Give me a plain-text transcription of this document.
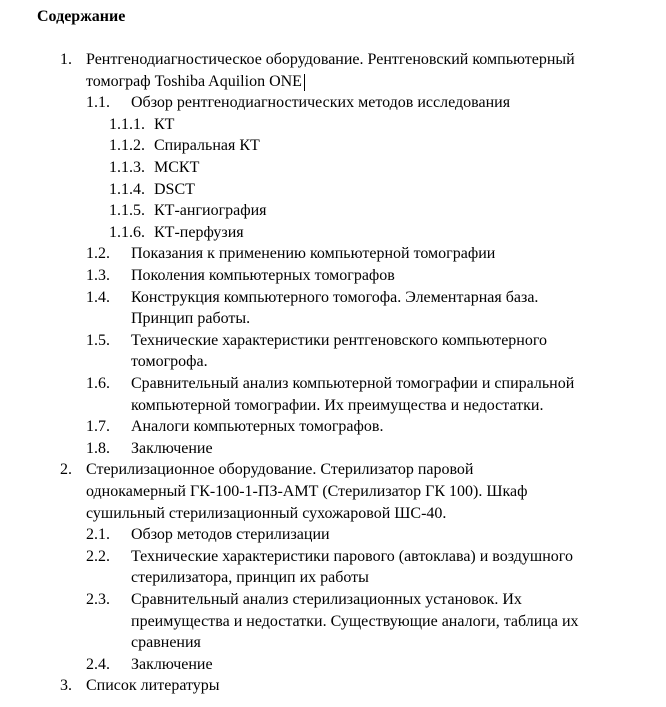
Содержание
1. Рентгенодиагностическое оборудование. Рентгеновский компьютерный
томограф Toshiba Aquilion ONE
1.1. Обзор рентгенодиагностических методов исследования
1.1.1. КТ
1.1.2. Спиральная КТ
1.1.3. МСКТ
1.1.4. DSCT
1.1.5. КТ-ангиография
1.1.6. КТ-перфузия
1.2. Показания к применению компьютерной томографии
1.3. Поколения компьютерных томографов
1.4. Конструкция компьютерного томогофа. Элементарная база.
Принцип работы.
1.5. Технические характеристики рентгеновского компьютерного
томогрофа.
1.6. Сравнительный анализ компьютерной томографии и спиральной
компьютерной томографии. Их преимущества и недостатки.
1.7. Аналоги компьютерных томографов.
1.8. Заключение
2. Стерилизационное оборудование. Стерилизатор паровой
однокамерный ГК-100-1-ПЗ-АМТ (Стерилизатор ГК 100). Шкаф
сушильный стерилизационный сухожаровой ШС-40.
2.1. Обзор методов стерилизации
2.2. Технические характеристики парового (автоклава) и воздушного
стерилизатора, принцип их работы
2.3. Сравнительный анализ стерилизационных установок. Их
преимущества и недостатки. Существующие аналоги, таблица их
сравнения
2.4. Заключение
3. Список литературы
